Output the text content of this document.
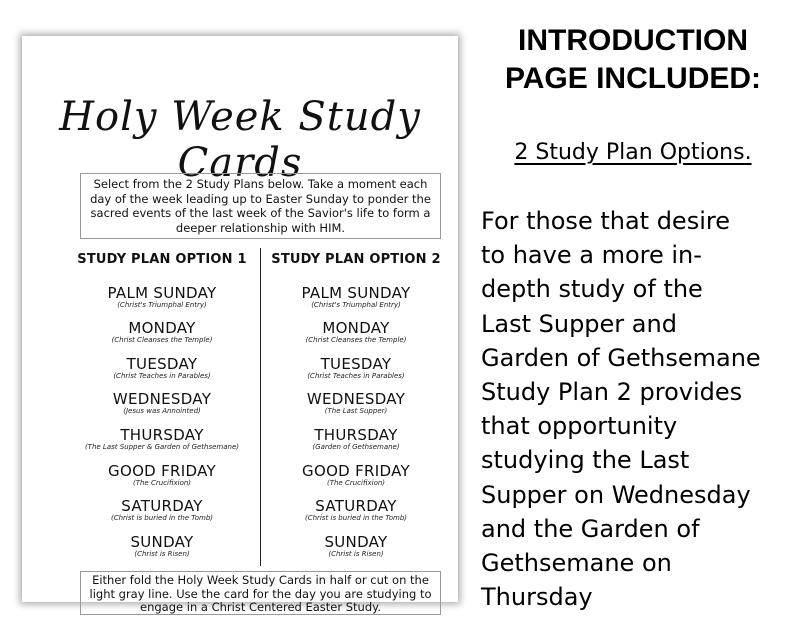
Holy Week Study Cards
Select from the 2 Study Plans below. Take a moment each day of the week leading up to Easter Sunday to ponder the sacred events of the last week of the Savior's life to form a deeper relationship with HIM.
STUDY PLAN OPTION 1	STUDY PLAN OPTION 2
PALM SUNDAY
(Christ's Triumphal Entry)
MONDAY
(Christ Cleanses the Temple)
TUESDAY
(Christ Teaches in Parables)
WEDNESDAY
(Jesus was Annointed)
THURSDAY
(The Last Supper & Garden of Gethsemane)
GOOD FRIDAY
(The Crucifixion)
SATURDAY
(Christ is buried in the Tomb)
SUNDAY
(Christ is Risen)
PALM SUNDAY
(Christ's Triumphal Entry)
MONDAY
(Christ Cleanses the Temple)
TUESDAY
(Christ Teaches in Parables)
WEDNESDAY
(The Last Supper)
THURSDAY
(Garden of Gethsemane)
GOOD FRIDAY
(The Crucifixion)
SATURDAY
(Christ is buried in the Tomb)
SUNDAY
(Christ is Risen)
Either fold the Holy Week Study Cards in half or cut on the light gray line. Use the card for the day you are studying to engage in a Christ Centered Easter Study.
INTRODUCTION
PAGE INCLUDED:
2 Study Plan Options.
For those that desire
to have a more in-
depth study of the
Last Supper and
Garden of Gethsemane
Study Plan 2 provides
that opportunity
studying the Last
Supper on Wednesday
and the Garden of
Gethsemane on
Thursday
